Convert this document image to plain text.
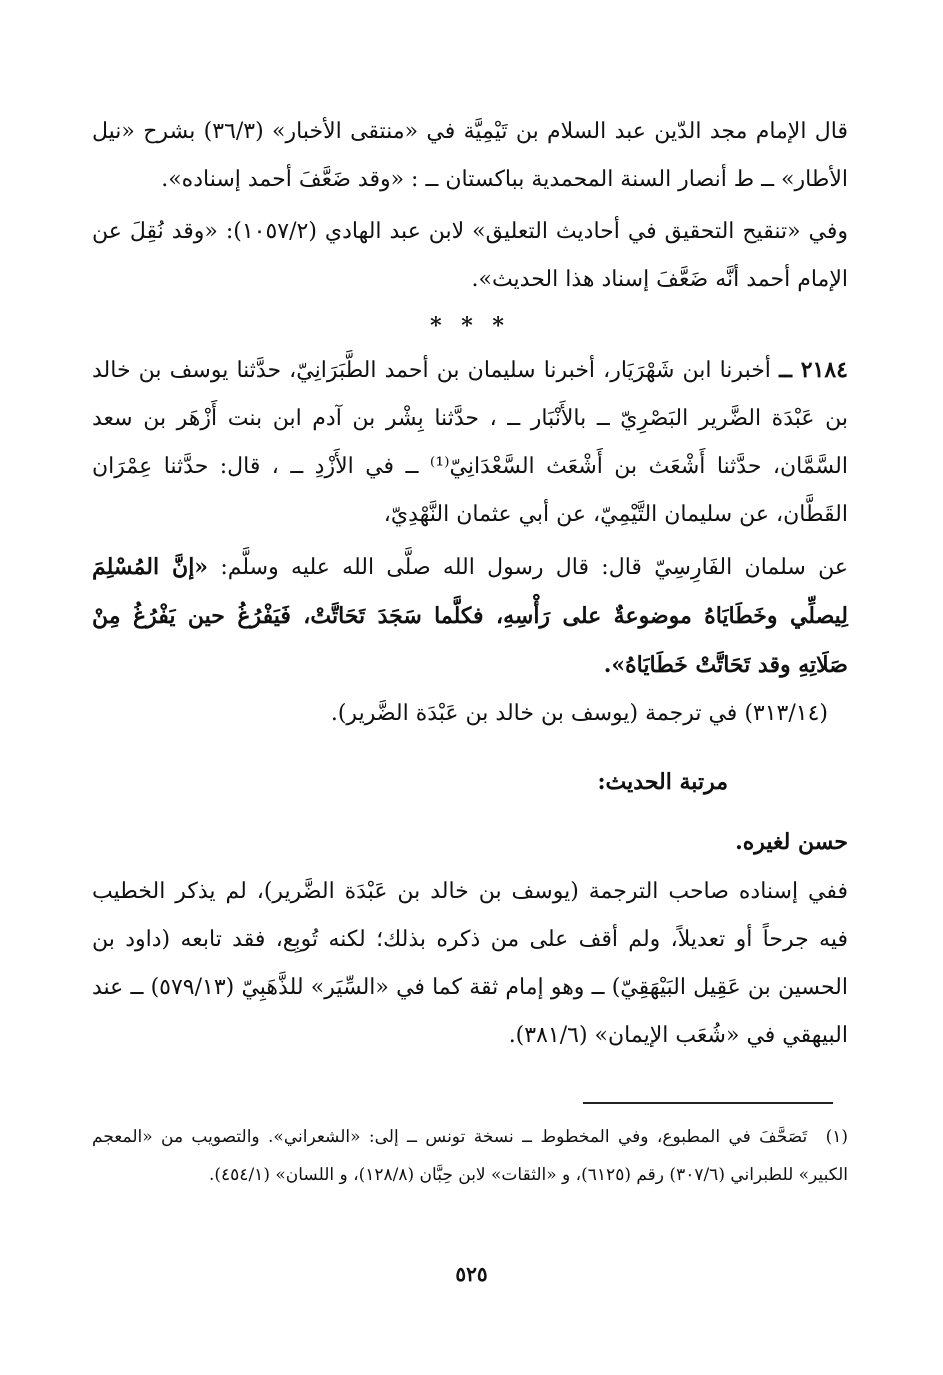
قال الإمام مجد الدّين عبد السلام بن تَيْمِيَّة في «منتقى الأخبار» (٣٦/٣) بشرح «نيل الأطار» ــ ط أنصار السنة المحمدية بباكستان ــ : «وقد ضَعَّفَ أحمد إسناده».

وفي «تنقيح التحقيق في أحاديث التعليق» لابن عبد الهادي (١٠٥٧/٢): «وقد نُقِلَ عن الإمام أحمد أنَّه ضَعَّفَ إسناد هذا الحديث».

* * *

٢١٨٤ ــ أخبرنا ابن شَهْرَيَار، أخبرنا سليمان بن أحمد الطَّبَرَانِيّ، حدَّثنا يوسف بن خالد بن عَبْدَة الضَّرير البَصْرِيّ ــ بالأَنْبَار ــ ، حدَّثنا بِشْر بن آدم ابن بنت أَزْهَر بن سعد السَّمَّان، حدَّثنا أَشْعَث بن أَشْعَث السَّعْدَانِيّ⁽¹⁾ ــ في الأَزْدِ ــ ، قال: حدَّثنا عِمْرَان القَطَّان، عن سليمان التَّيْمِيّ، عن أبي عثمان النَّهْدِيّ،

عن سلمان الفَارِسِيّ قال: قال رسول الله صلَّى الله عليه وسلَّم: «إنَّ المُسْلِمَ لِيصلِّي وخَطَايَاهُ موضوعةٌ على رَأْسِهِ، فكلَّما سَجَدَ تَحَاتَّتْ، فَيَفْرُغُ حين يَفْرُغُ مِنْ صَلَاتِهِ وقد تَحَاتَّتْ خَطَايَاهُ».

(٣١٣/١٤) في ترجمة (يوسف بن خالد بن عَبْدَة الضَّرير).

مرتبة الحديث:
حسن لغيره.

ففي إسناده صاحب الترجمة (يوسف بن خالد بن عَبْدَة الضَّرير)، لم يذكر الخطيب فيه جرحاً أو تعديلاً، ولم أقف على من ذكره بذلك؛ لكنه تُوبِع، فقد تابعه (داود بن الحسين بن عَقِيل البَيْهَقِيّ) ــ وهو إمام ثقة كما في «السِّيَر» للذَّهَبِيّ (٥٧٩/١٣) ــ عند البيهقي في «شُعَب الإيمان» (٣٨١/٦).

(١) تَصَحَّفَ في المطبوع، وفي المخطوط ــ نسخة تونس ــ إلى: «الشعراني». والتصويب من «المعجم الكبير» للطبراني (٣٠٧/٦) رقم (٦١٢٥)، و «الثقات» لابن حِبَّان (١٢٨/٨)، و اللسان» (٤٥٤/١).
٥٢٥
